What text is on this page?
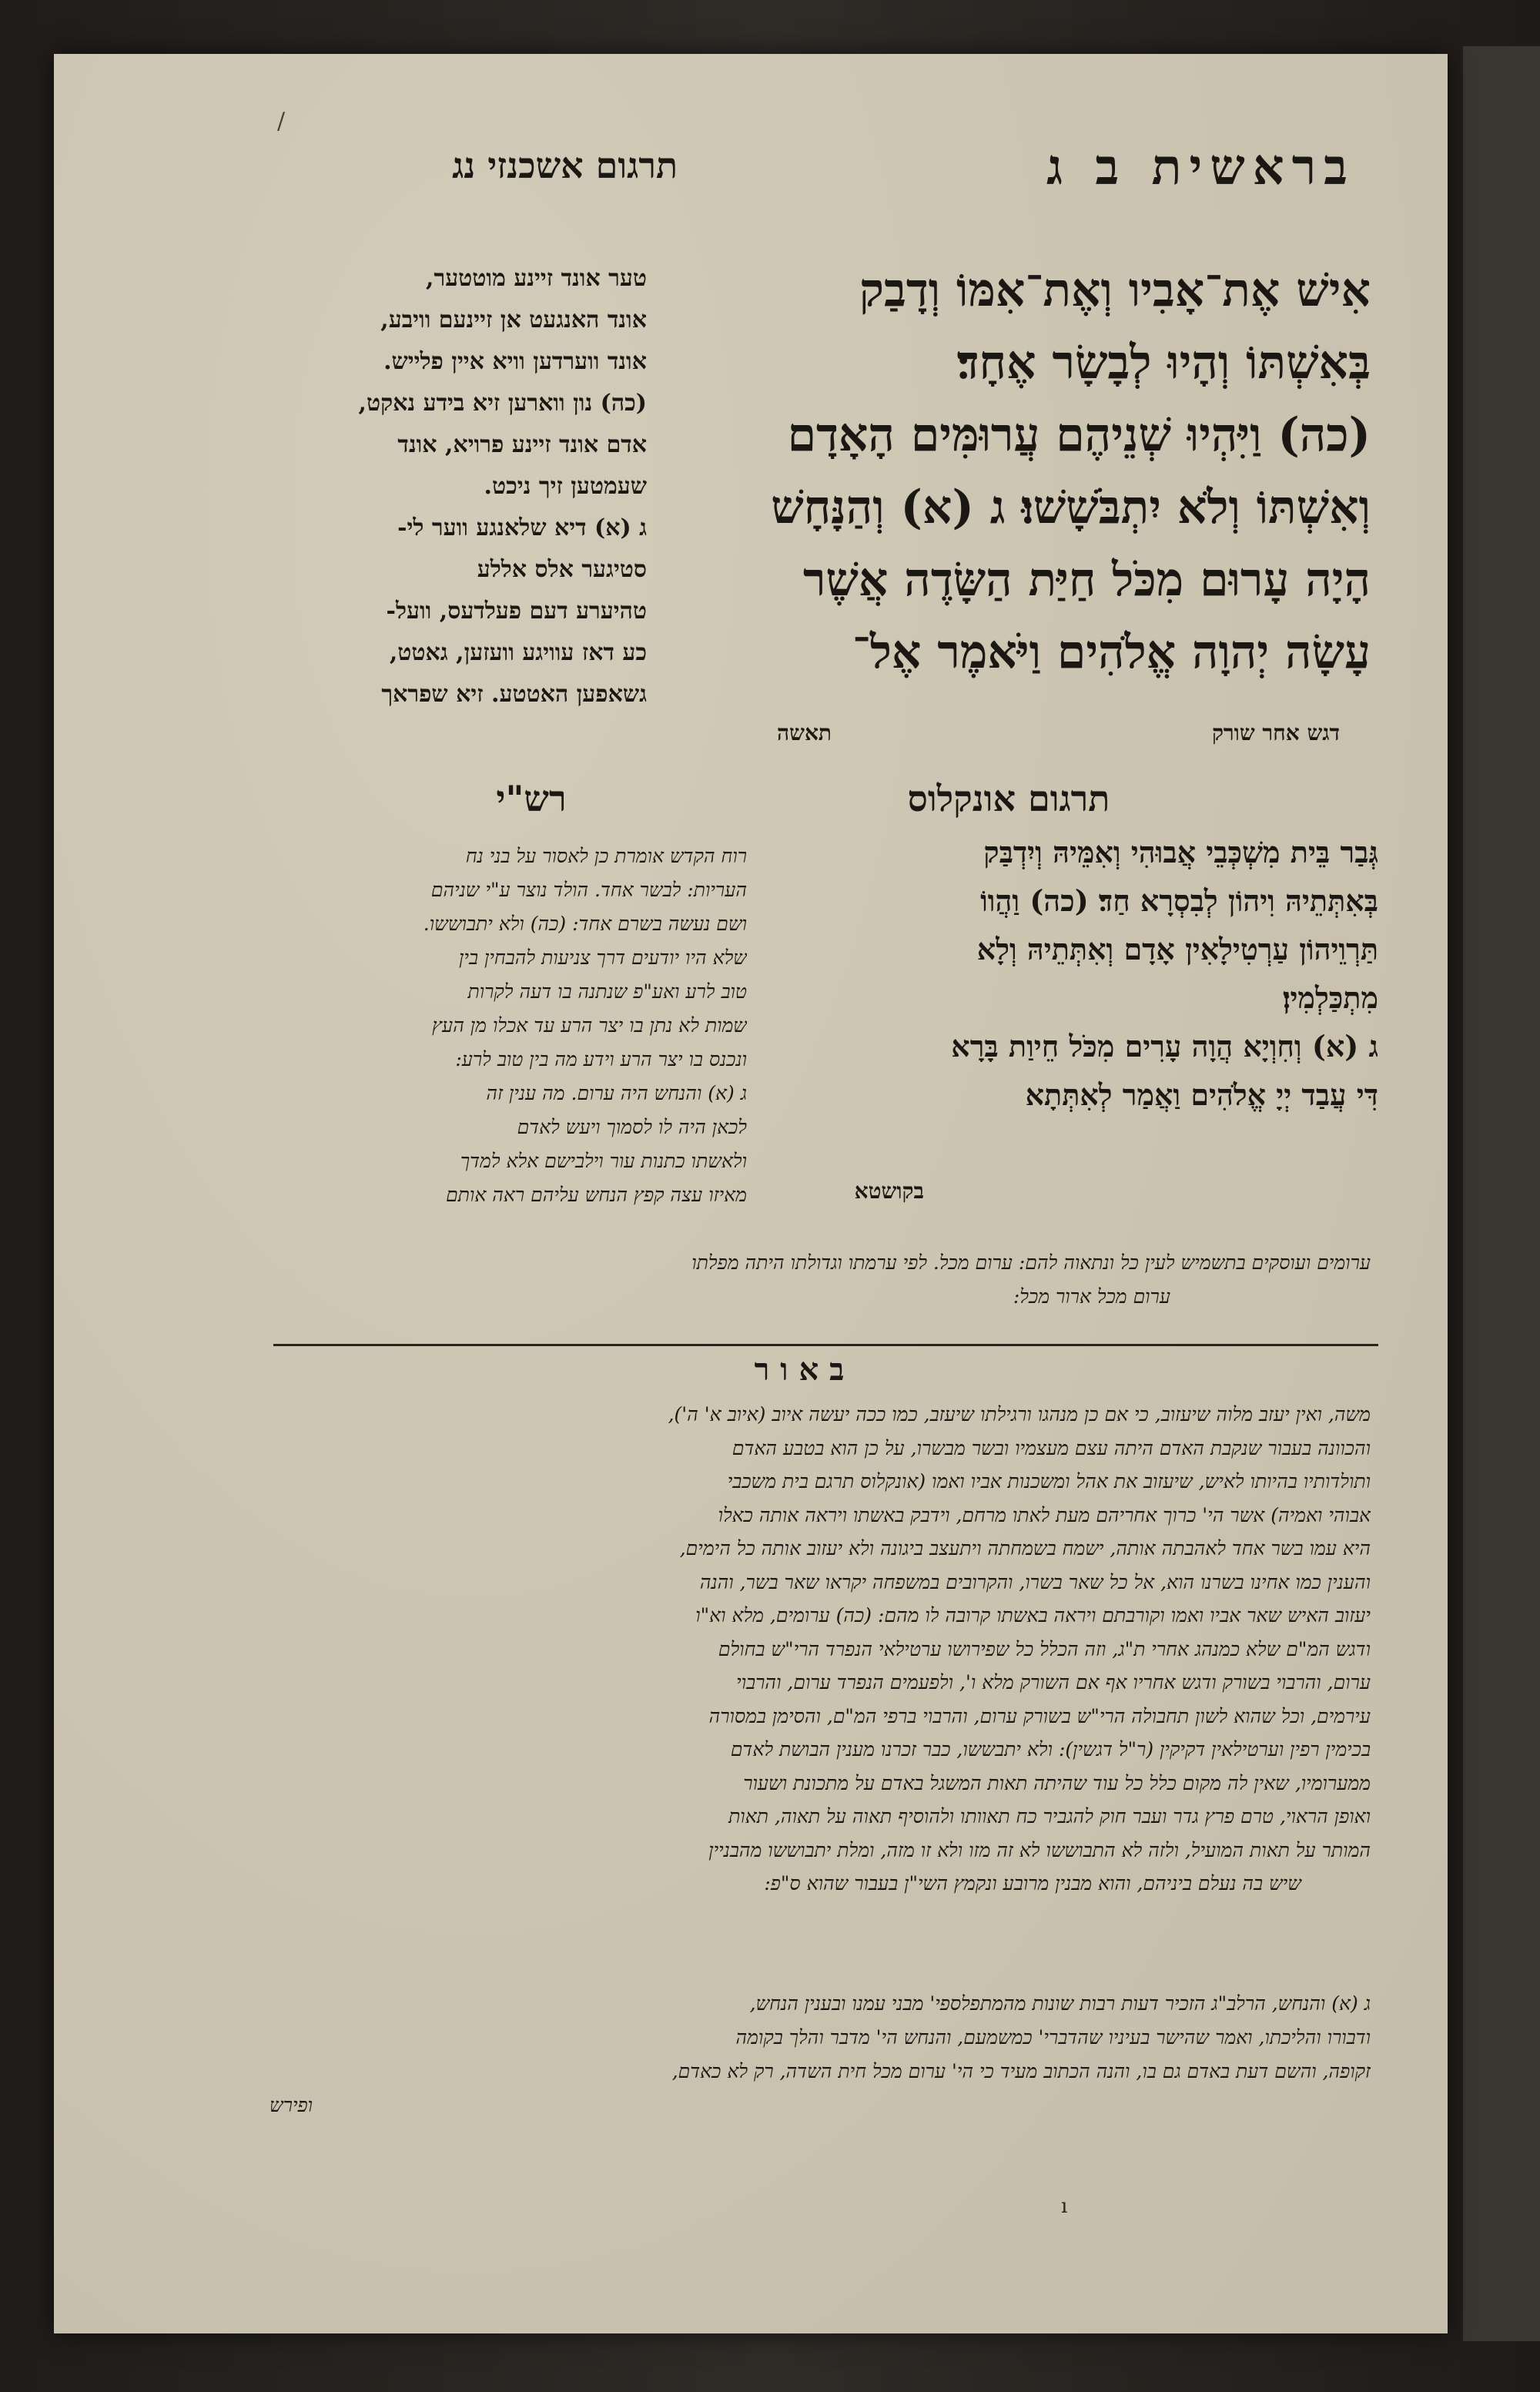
/
בראשית ב ג
תרגום אשכנזי נג
אִישׁ אֶת־אָבִיו וְאֶת־אִמּוֹ וְדָבַק
בְּאִשְׁתּוֹ וְהָיוּ לְבָשָׂר אֶחָד׃
(כה) וַיִּהְיוּ שְׁנֵיהֶם עֲרוּמִּים הָאָדָם
וְאִשְׁתּוֹ וְלֹא יִתְבֹּשָׁשׁוּ׃ ג (א) וְהַנָּחָשׁ
הָיָה עָרוּם מִכֹּל חַיַּת הַשָּׂדֶה אֲשֶׁר
עָשָׂה יְהוָה אֱלֹהִים וַיֹּאמֶר אֶל־
דגש אחר שורק
תאשה
טער אונד זיינע מוטטער,
אונד האנגעט אן זיינעם וויבע,
אונד ווערדען וויא איין פלייש.
(כה) נון ווארען זיא בידע נאקט,
אדם אונד זיינע פרויא, אונד
שעמטען זיך ניכט.
ג (א) דיא שלאנגע ווער לי-
סטיגער אלס אללע
טהיערע דעם פעלדעס, וועל-
כע דאז עוויגע וועזען, גאטט,
גשאפען האטטע. זיא שפראך
תרגום אונקלוס
רש"י
גְּבַר בֵּית מִשְׁכְּבֵי אֲבוּהִי וְאִמֵּיהּ וְיִדְבַּק
בְּאִתְּתֵיהּ וִיהוֹן לְבִסְרָא חַד׃ (כה) וַהֲווֹ
תַּרְוֵיהוֹן עַרְטִילָאִין אָדָם וְאִתְּתֵיהּ וְלָא
מִתְכַּלְמִין׃
ג (א) וְחִוְיָא הֲוָה עָרִים מִכֹּל חֵיוַת בָּרָא
דִּי עֲבַד יְיָ אֱלֹהִים וַאֲמַר לְאִתְּתָא
בקושטא
רוח הקדש אומרת כן לאסור על בני נח
העריות: לבשר אחד. הולד נוצר ע"י שניהם
ושם נעשה בשרם אחד: (כה) ולא יתבוששו.
שלא היו יודעים דרך צניעות להבחין בין
טוב לרע ואע"פ שנתנה בו דעה לקרות
שמות לא נתן בו יצר הרע עד אכלו מן העץ
ונכנס בו יצר הרע וידע מה בין טוב לרע:
ג (א) והנחש היה ערום. מה ענין זה
לכאן היה לו לסמוך ויעש לאדם
ולאשתו כתנות עור וילבישם אלא למדך
מאיזו עצה קפץ הנחש עליהם ראה אותם
ערומים ועוסקים בתשמיש לעין כל ונתאוה להם: ערום מכל. לפי ערמתו וגדולתו היתה מפלתו
ערום מכל ארור מכל:
באור
משה, ואין יעזב מלוה שיעזוב, כי אם כן מנהגו ורגילתו שיעזב, כמו ככה יעשה איוב (איוב א' ה'),
והכוונה בעבור שנקבת האדם היתה עצם מעצמיו ובשר מבשרו, על כן הוא בטבע האדם
ותולדותיו בהיותו לאיש, שיעזוב את אהל ומשכנות אביו ואמו (אונקלוס תרגם בית משכבי
אבוהי ואמיה) אשר הי' כרוך אחריהם מעת לאתו מרחם, וידבק באשתו ויראה אותה כאלו
היא עמו בשר אחד לאהבתה אותה, ישמח בשמחתה ויתעצב ביגונה ולא יעזוב אותה כל הימים,
והענין כמו אחינו בשרנו הוא, אל כל שאר בשרו, והקרובים במשפחה יקראו שאר בשר, והנה
יעזוב האיש שאר אביו ואמו וקורבתם ויראה באשתו קרובה לו מהם: (כה) ערומים, מלא וא"ו
ודגש המ"ם שלא כמנהג אחרי ת"ג, וזה הכלל כל שפירושו ערטילאי הנפרד הרי"ש בחולם
ערום, והרבוי בשורק ודגש אחריו אף אם השורק מלא ו', ולפעמים הנפרד ערום, והרבוי
עירמים, וכל שהוא לשון תחבולה הרי"ש בשורק ערום, והרבוי ברפי המ"ם, והסימן במסורה
בכימין רפין וערטילאין דקיקין (ר"ל דגשין): ולא יתבששו, כבר זכרנו מענין הבושת לאדם
ממערומיו, שאין לה מקום כלל כל עוד שהיתה תאות המשגל באדם על מתכונת ושעור
ואופן הראוי, טרם פרץ גדר ועבר חוק להגביר כח תאוותו ולהוסיף תאוה על תאוה, תאות
המותר על תאות המועיל, ולזה לא התבוששו לא זה מזו ולא זו מזה, ומלת יתבוששו מהבניין
שיש בה נעלם ביניהם, והוא מבנין מרובע ונקמץ השי"ן בעבור שהוא ס"פ:
ג (א) והנחש, הרלב"ג הזכיר דעות רבות שונות מהמתפלספי' מבני עמנו ובענין הנחש,
ודבורו והליכתו, ואמר שהישר בעיניו שהדברי' כמשמעם, והנחש הי' מדבר והלך בקומה
זקופה, והשם דעת באדם גם בו, והנה הכתוב מעיד כי הי' ערום מכל חית השדה, רק לא כאדם,
ופירש
ı
